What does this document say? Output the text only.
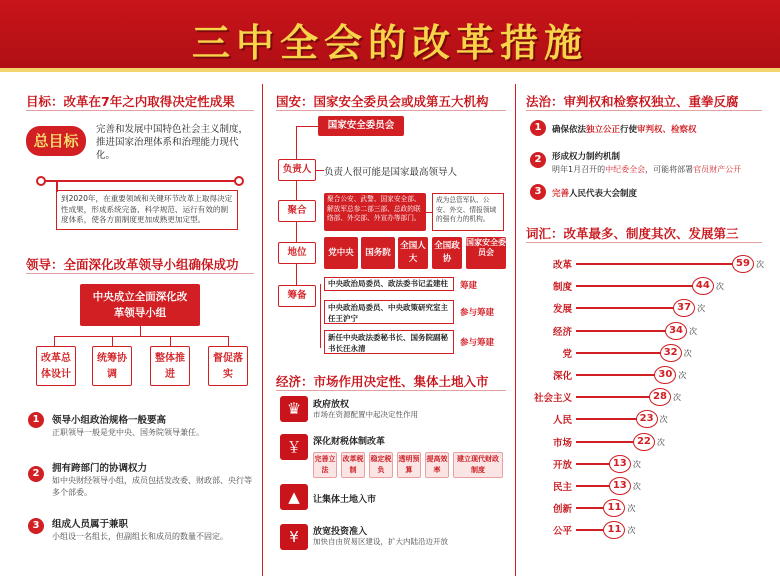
三中全会的改革措施
目标：改革在7年之内取得决定性成果
总目标
完善和发展中国特色社会主义制度，推进国家治理体系和治理能力现代化。
到2020年，在重要领域和关键环节改革上取得决定性成果，形成系统完备、科学规范、运行有效的制度体系，使各方面制度更加成熟更加定型。
领导：全面深化改革领导小组确保成功
中央成立全面深化改革领导小组
改革总体设计
统筹协调
整体推进
督促落实
1	领导小组政治规格一般要高
正职领导一般是党中央、国务院领导兼任。
2	拥有跨部门的协调权力
如中央财经领导小组，成员包括发改委、财政部、央行等多个部委。
3	组成人员属于兼职
小组设一名组长，但副组长和成员的数量不固定。
国安：国家安全委员会或成第五大机构
国家安全委员会
负责人	负责人很可能是国家最高领导人
聚合
聚合公安、武警、国家安全部、解放军总参二部三部、总政的联络部、外交部、外宣办等部门。
成为总管军队、公安、外交、情报领域的强有力的机构。
地位	党中央	国务院
全国人大
全国政协
国家安全委员会
筹备
中央政治局委员、政法委书记孟建柱	筹建
中央政治局委员、中央政策研究室主任王沪宁
参与筹建
新任中央政法委秘书长、国务院副秘书长汪永清
参与筹建
经济：市场作用决定性、集体土地入市
♛	政府放权
市场在资源配置中起决定性作用
￥	深化财税体制改革
完善立法
改革税制
稳定税负
透明预算
提高效率
建立现代财政制度
▲	让集体土地入市
¥	放宽投资准入
加快自由贸易区建设，扩大内陆沿边开放
法治：审判权和检察权独立、重拳反腐
1	确保依法独立公正行使审判权、检察权
2	形成权力制约机制
明年1月召开的中纪委全会，可能将部署官员财产公开
3	完善人民代表大会制度
词汇：改革最多、制度其次、发展第三
改革	59 次
制度	44 次
发展	37 次
经济	34 次
党	32 次
深化	30 次
社会主义	28 次
人民	23 次
市场	22 次
开放	13 次
民主	13 次
创新	11 次
公平	11 次
